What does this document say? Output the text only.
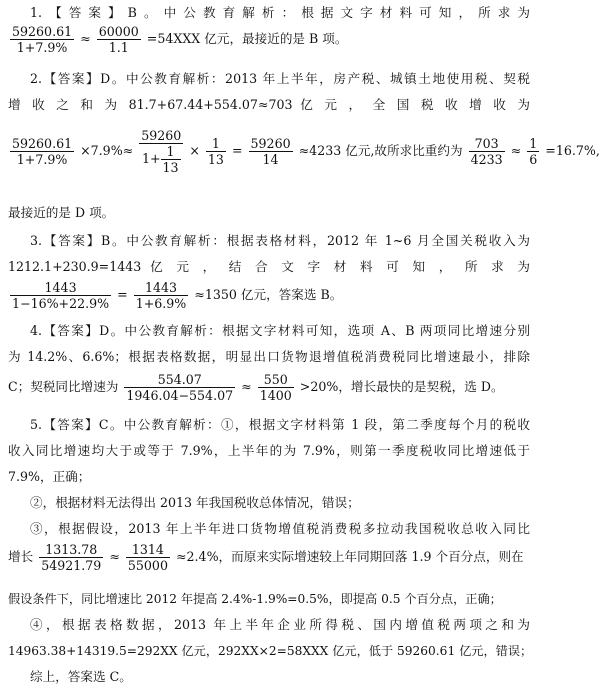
1.【答案】B。中公教育解析：根据文字材料可知，所求为
$\frac{59260.61}{1+7.9\%} \approx \frac{60000}{1.1} =54XXX$ 亿元，最接近的是 B 项。
2.【答案】D。中公教育解析：2013 年上半年，房产税、城镇土地使用税、契税
增 收 之 和 为 81.7+67.44+554.07≈703 亿 元 ， 全 国 税 收 增 收 为
$\frac{59260.61}{1+7.9\%} \times 7.9\%\approx \frac{59260}{1+ \frac{1}{13}} \times \frac{1}{13} = \frac{59260}{14} \approx 4233$ 亿元,故所求比重约为 $\frac{703}{4233} \approx \frac{1}{6} =16.7\%$,
最接近的是 D 项。
3.【答案】B。中公教育解析：根据表格材料，2012 年 1~6 月全国关税收入为
1212.1+230.9=1443 亿 元 ， 结 合 文 字 材 料 可 知 ， 所 求 为
$\frac{1443}{1-16\%+22.9\%} = \frac{1443}{1+6.9\%} \approx 1350$ 亿元，答案选 B。
4.【答案】D。中公教育解析：根据文字材料可知，选项 A、B 两项同比增速分别
为 14.2%、6.6%；根据表格数据，明显出口货物退增值税消费税同比增速最小，排除
C；契税同比增速为 $\frac{554.07}{1946.04-554.07} \approx \frac{550}{1400} >20\%$，增长最快的是契税，选 D。
5.【答案】C。中公教育解析：①，根据文字材料第 1 段，第二季度每个月的税收
收入同比增速均大于或等于 7.9%，上半年的为 7.9%，则第一季度税收同比增速低于
7.9%，正确；
②，根据材料无法得出 2013 年我国税收总体情况，错误；
③，根据假设，2013 年上半年进口货物增值税消费税多拉动我国税收总收入同比
增长 $\frac{1313.78}{54921.79} \approx \frac{1314}{55000} \approx 2.4\%$，而原来实际增速较上年同期回落 1.9 个百分点，则在
假设条件下，同比增速比 2012 年提高 2.4%-1.9%=0.5%，即提高 0.5 个百分点，正确；
④，根据表格数据，2013 年上半年企业所得税、国内增值税两项之和为
14963.38+14319.5=292XX 亿元，292XX×2=58XXX 亿元，低于 59260.61 亿元，错误；
综上，答案选 C。
